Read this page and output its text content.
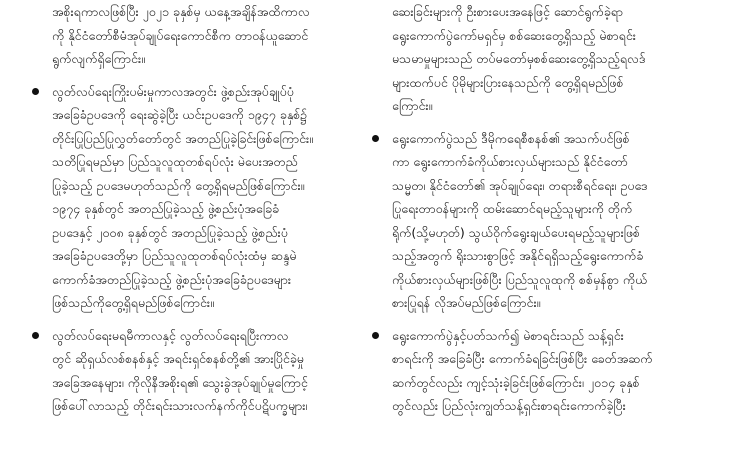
အစိုးရကာလဖြစ်ပြီး ၂၀၂၁ ခုနှစ်မှ ယနေ့အချိန်အထိကာလ
ကို နိုင်ငံတော်စီမံအုပ်ချုပ်ရေးကောင်စီက တာဝန်ယူဆောင်
ရွက်လျက်ရှိကြောင်း။
လွတ်လပ်ရေးကြိုးပမ်းမှုကာလအတွင်း ဖွဲ့စည်းအုပ်ချုပ်ပုံ
အခြေခံဥပဒေကို ရေးဆွဲခဲ့ပြီး ယင်းဥပဒေကို ၁၉၄၇ ခုနှစ်၌
တိုင်းပြုပြည်ပြုလွှတ်တော်တွင် အတည်ပြုခဲ့ခြင်းဖြစ်ကြောင်း။
သတိပြုရမည်မှာ ပြည်သူလူထုတစ်ရပ်လုံး မဲပေးအတည်
ပြုခဲ့သည့် ဥပဒေမဟုတ်သည်ကို တွေ့ရှိရမည်ဖြစ်ကြောင်း။
၁၉၇၄ ခုနှစ်တွင် အတည်ပြုခဲ့သည့် ဖွဲ့စည်းပုံအခြေခံ
ဥပဒေနှင့် ၂၀၀၈ ခုနှစ်တွင် အတည်ပြုခဲ့သည့် ဖွဲ့စည်းပုံ
အခြေခံဥပဒေတို့မှာ ပြည်သူလူထုတစ်ရပ်လုံးထံမှ ဆန္ဒမဲ
ကောက်ခံအတည်ပြုခဲ့သည့် ဖွဲ့စည်းပုံအခြေခံဥပဒေများ
ဖြစ်သည်ကိုတွေ့ရှိရမည်ဖြစ်ကြောင်း။
လွတ်လပ်ရေးမရမီကာလနှင့် လွတ်လပ်ရေးရပြီးကာလ
တွင် ဆိုရှယ်လစ်စနစ်နှင့် အရင်းရှင်စနစ်တို့၏ အားပြိုင်ခဲ့မှု
အခြေအနေများ၊ ကိုလိုနီအစိုးရ၏ သွေးခွဲအုပ်ချုပ်မှုကြောင့်
ဖြစ်ပေါ်လာသည့် တိုင်းရင်းသားလက်နက်ကိုင်ပဋိပက္ခများ၊
ဆေးခြင်းများကို ဦးစားပေးအနေဖြင့် ဆောင်ရွက်ခဲ့ရာ
ရွေးကောက်ပွဲကော်မရှင်မှ စစ်ဆေးတွေ့ရှိသည့် မဲစာရင်း
မသမာမှုများသည် တပ်မတော်မှစစ်ဆေးတွေ့ရှိသည့်ရလဒ်
များထက်ပင် ပိုမိုများပြားနေသည်ကို တွေ့ရှိရမည်ဖြစ်
ကြောင်း။
ရွေးကောက်ပွဲသည် ဒီမိုကရေစီစနစ်၏ အသက်ပင်ဖြစ်
ကာ ရွေးကောက်ခံကိုယ်စားလှယ်များသည် နိုင်ငံတော်
သမ္မတ၊ နိုင်ငံတော်၏ အုပ်ချုပ်ရေး၊ တရားစီရင်ရေး၊ ဥပဒေ
ပြုရေးတာဝန်များကို ထမ်းဆောင်ရမည့်သူများကို တိုက်
ရိုက်(သို့မဟုတ်) သွယ်ဝိုက်ရွေးချယ်ပေးရမည့်သူများဖြစ်
သည့်အတွက် ရိုးသားစွာဖြင့် အနိုင်ရရှိသည့်ရွေးကောက်ခံ
ကိုယ်စားလှယ်များဖြစ်ပြီး ပြည်သူလူထုကို စစ်မှန်စွာ ကိုယ်
စားပြုရန် လိုအပ်မည်ဖြစ်ကြောင်း။
ရွေးကောက်ပွဲနှင့်ပတ်သက်၍ မဲစာရင်းသည် သန့်ရှင်း
စာရင်းကို အခြေခံပြီး ကောက်ခံရခြင်းဖြစ်ပြီး ခေတ်အဆက်
ဆက်တွင်လည်း ကျင့်သုံးခဲ့ခြင်းဖြစ်ကြောင်း၊ ၂၀၁၄ ခုနှစ်
တွင်လည်း ပြည်လုံးကျွတ်သန့်ရှင်းစာရင်းကောက်ခဲ့ပြီး
